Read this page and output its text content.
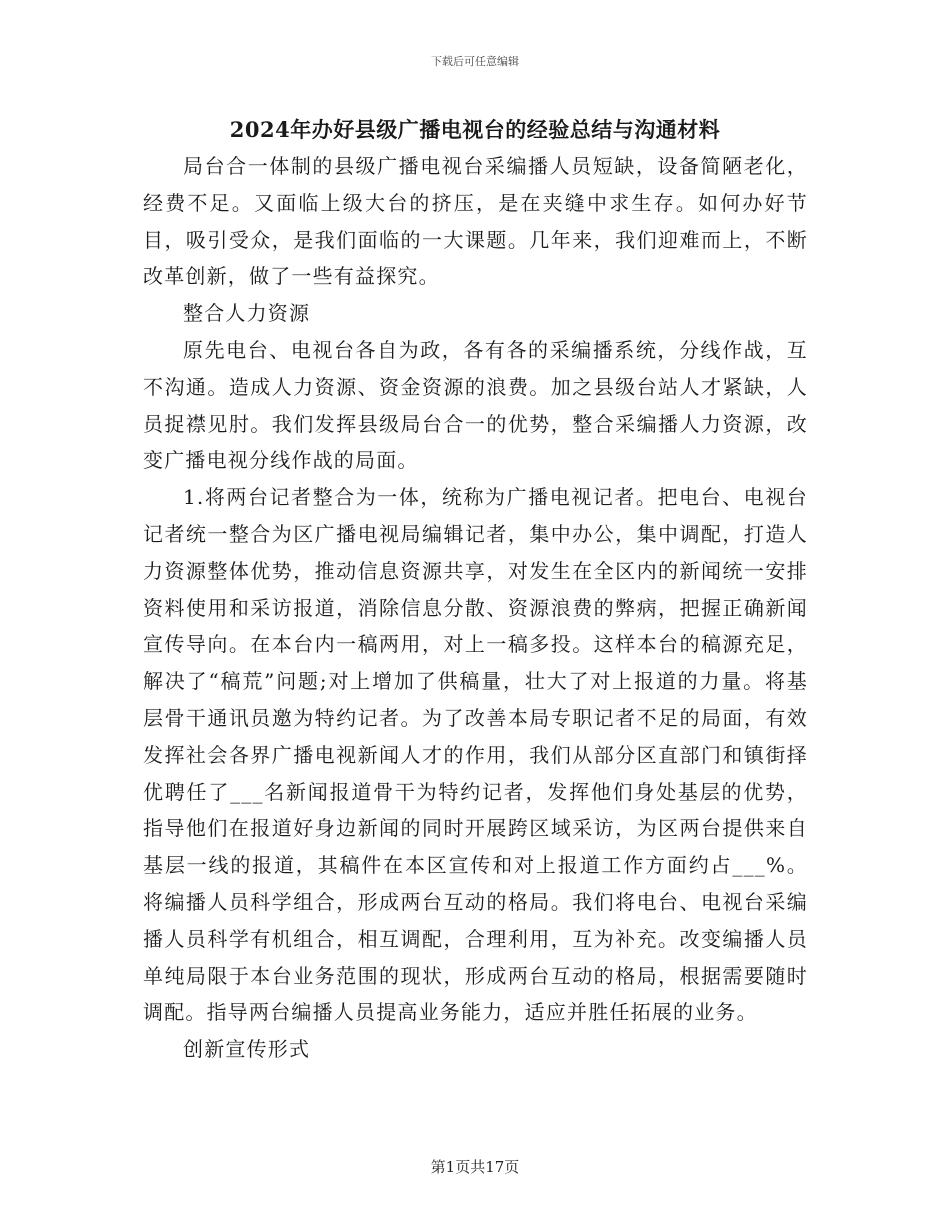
下载后可任意编辑
2024年办好县级广播电视台的经验总结与沟通材料

局台合一体制的县级广播电视台采编播人员短缺，设备简陋老化，经费不足。又面临上级大台的挤压，是在夹缝中求生存。如何办好节目，吸引受众，是我们面临的一大课题。几年来，我们迎难而上，不断改革创新，做了一些有益探究。

整合人力资源

原先电台、电视台各自为政，各有各的采编播系统，分线作战，互不沟通。造成人力资源、资金资源的浪费。加之县级台站人才紧缺，人员捉襟见肘。我们发挥县级局台合一的优势，整合采编播人力资源，改变广播电视分线作战的局面。

1.将两台记者整合为一体，统称为广播电视记者。把电台、电视台记者统一整合为区广播电视局编辑记者，集中办公，集中调配，打造人力资源整体优势，推动信息资源共享，对发生在全区内的新闻统一安排资料使用和采访报道，消除信息分散、资源浪费的弊病，把握正确新闻宣传导向。在本台内一稿两用，对上一稿多投。这样本台的稿源充足，解决了“稿荒”问题;对上增加了供稿量，壮大了对上报道的力量。将基层骨干通讯员邀为特约记者。为了改善本局专职记者不足的局面，有效发挥社会各界广播电视新闻人才的作用，我们从部分区直部门和镇街择优聘任了___名新闻报道骨干为特约记者，发挥他们身处基层的优势，指导他们在报道好身边新闻的同时开展跨区域采访，为区两台提供来自基层一线的报道，其稿件在本区宣传和对上报道工作方面约占___%。将编播人员科学组合，形成两台互动的格局。我们将电台、电视台采编播人员科学有机组合，相互调配，合理利用，互为补充。改变编播人员单纯局限于本台业务范围的现状，形成两台互动的格局，根据需要随时调配。指导两台编播人员提高业务能力，适应并胜任拓展的业务。

创新宣传形式

第1页共17页
